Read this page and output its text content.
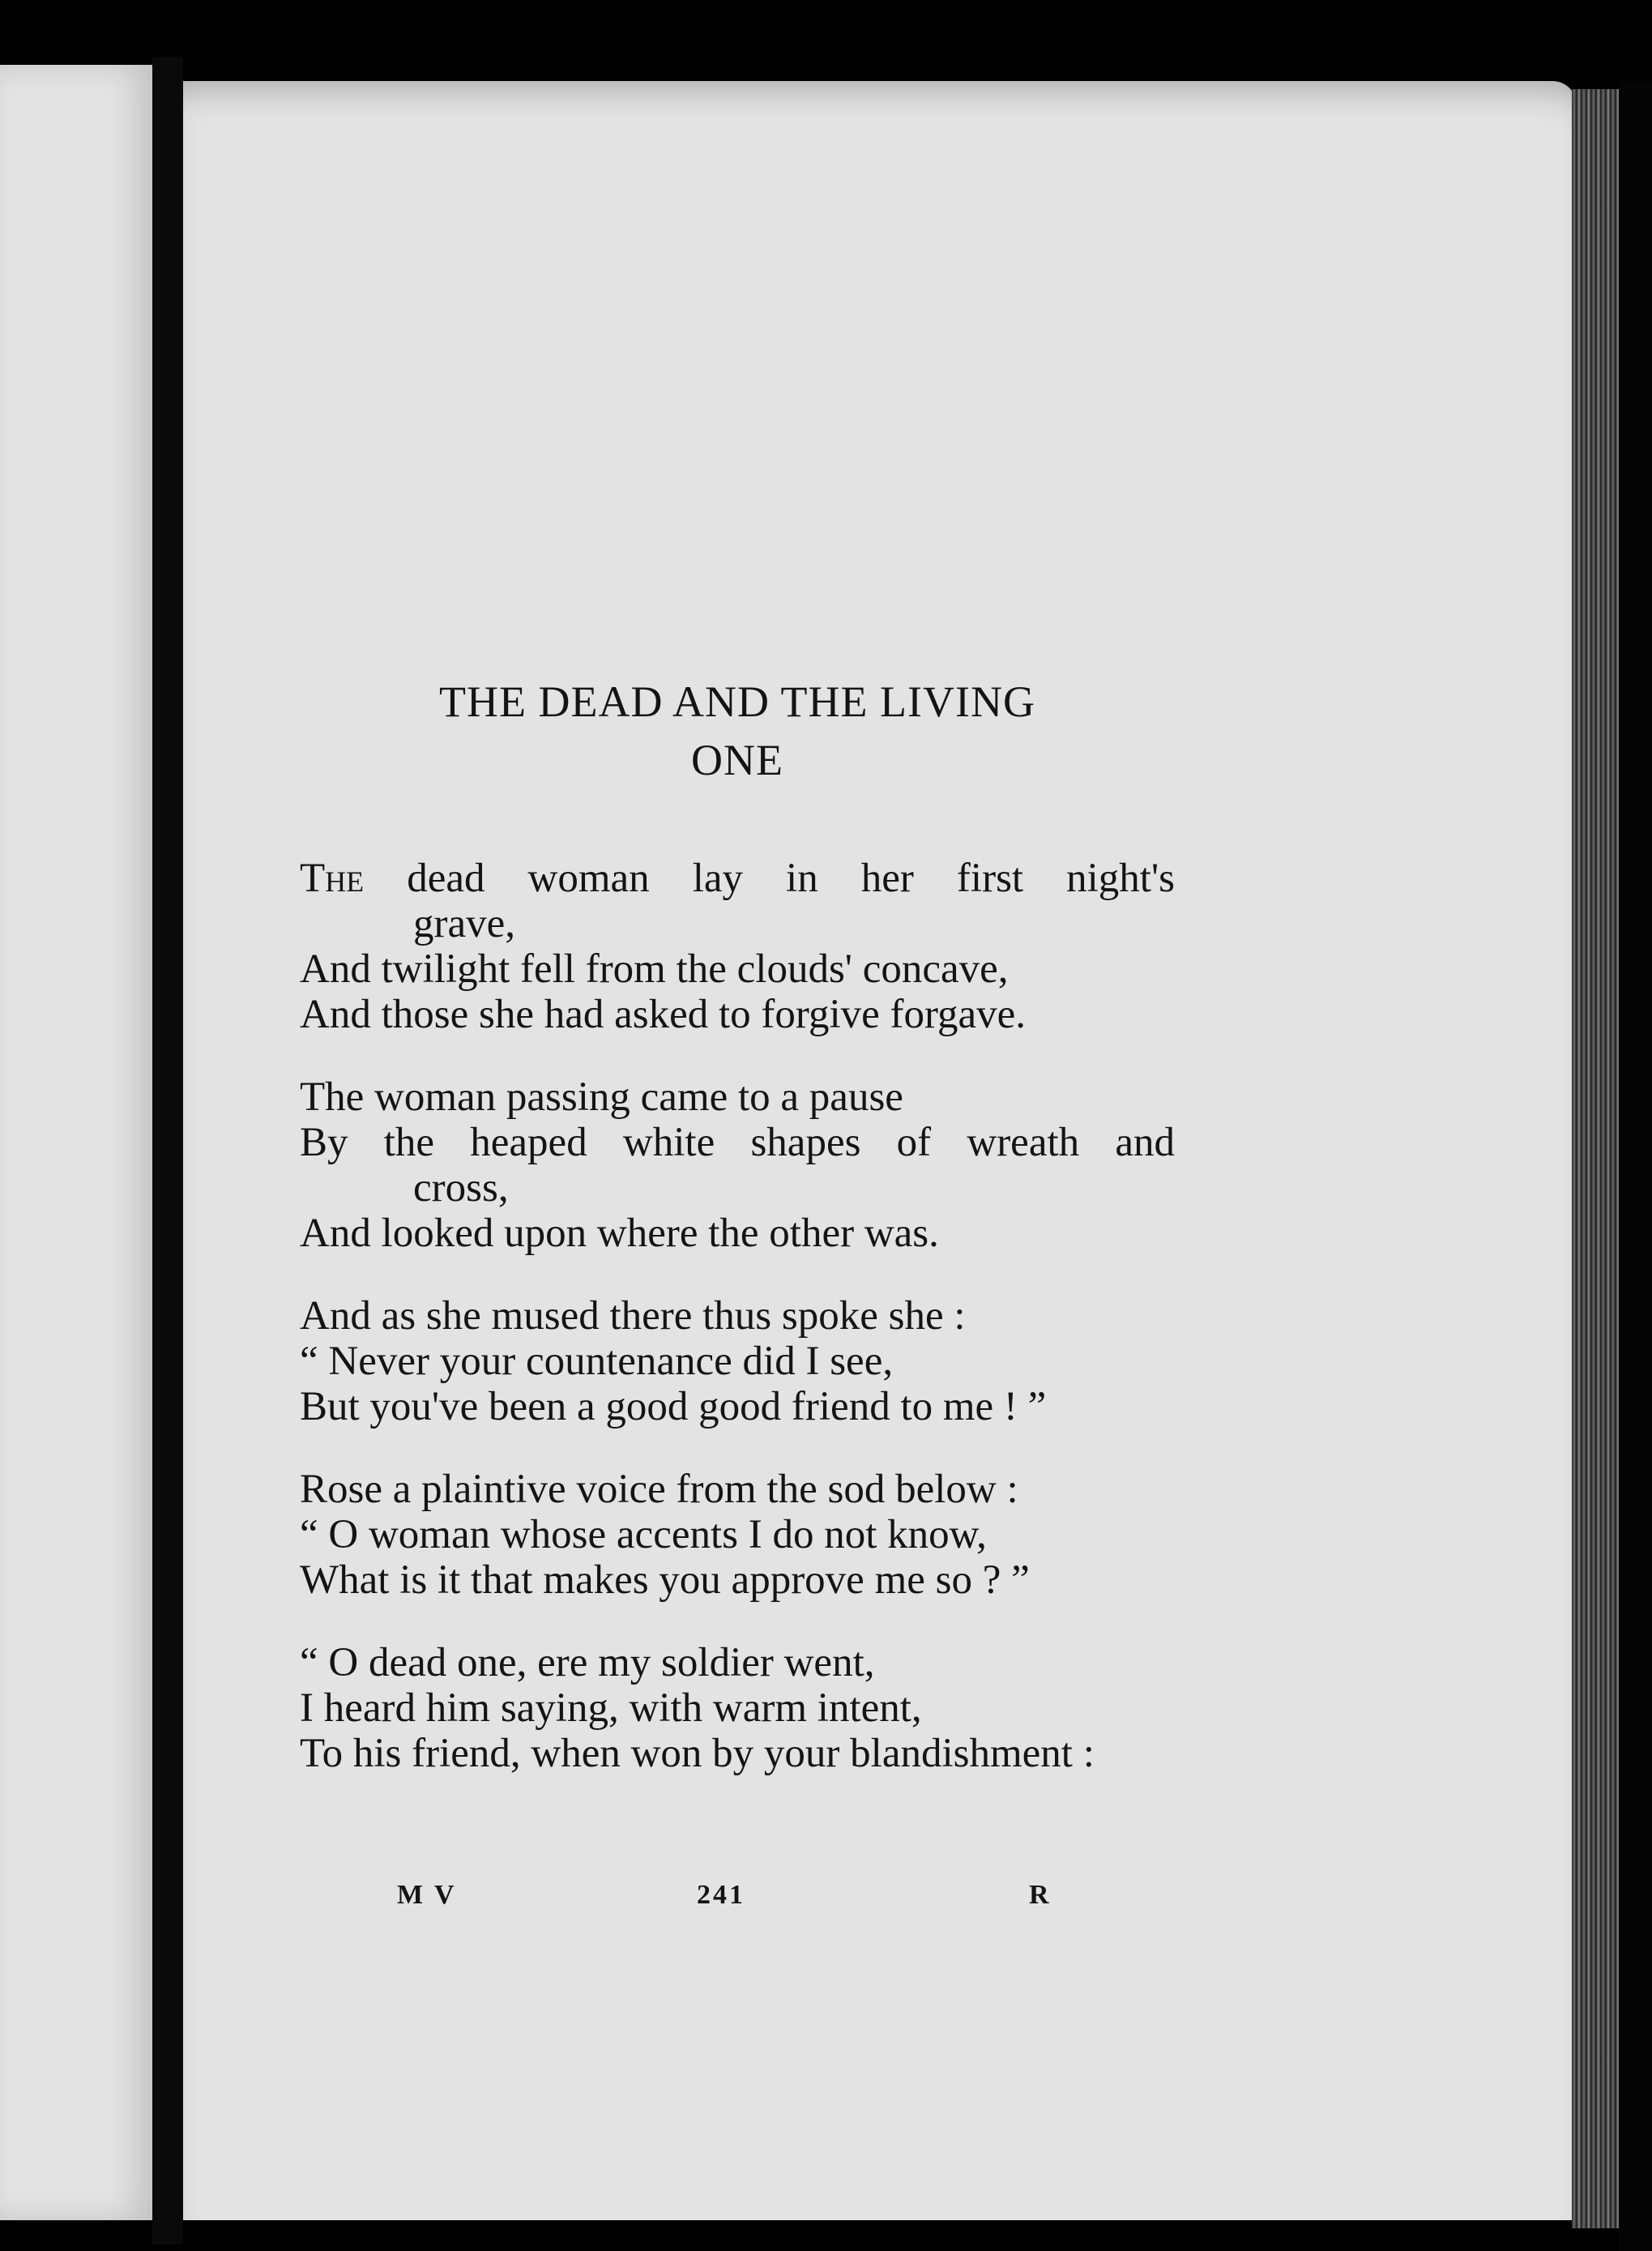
THE DEAD AND THE LIVING
ONE
The dead woman lay in her first night's
grave,
And twilight fell from the clouds' concave,
And those she had asked to forgive forgave.
The woman passing came to a pause
By the heaped white shapes of wreath and
cross,
And looked upon where the other was.
And as she mused there thus spoke she :
“ Never your countenance did I see,
But you've been a good good friend to me ! ”
Rose a plaintive voice from the sod below :
“ O woman whose accents I do not know,
What is it that makes you approve me so ? ”
“ O dead one, ere my soldier went,
I heard him saying, with warm intent,
To his friend, when won by your blandishment :
M V	241	R
